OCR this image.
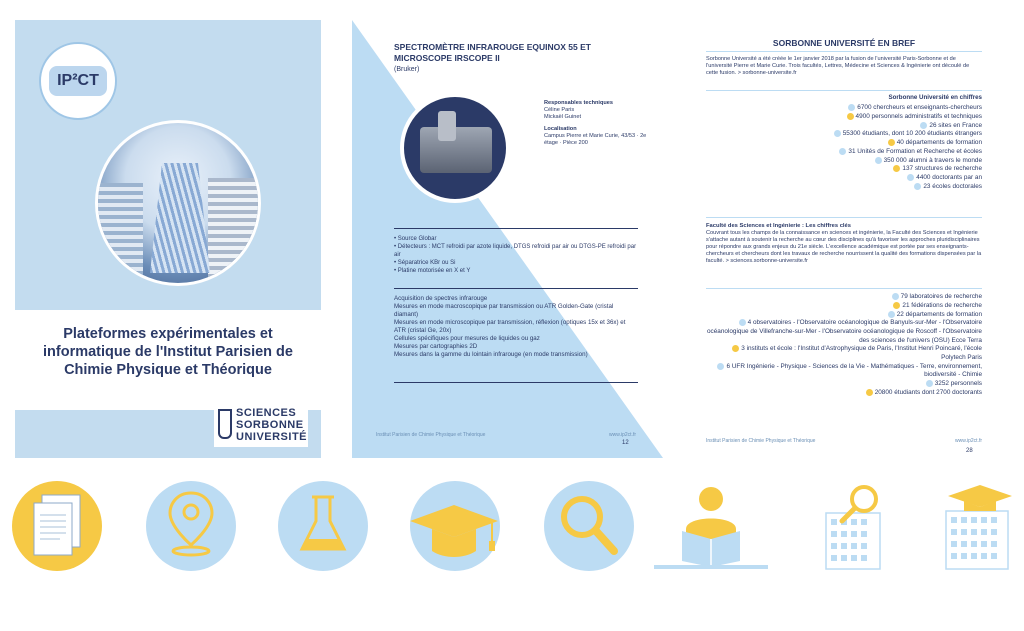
IP²CT
Plateformes expérimentales et informatique de l'Institut Parisien de Chimie Physique et Théorique
SCIENCES
SORBONNE
UNIVERSITÉ
SPECTROMÈTRE INFRAROUGE EQUINOX 55 ET MICROSCOPE IRSCOPE II
(Bruker)
Responsables techniques
Céline Paris
Mickaël Guinet
Localisation
Campus Pierre et Marie Curie, 43/53 · 2e étage · Pièce 200
• Source Globar
• Détecteurs : MCT refroidi par azote liquide, DTGS refroidi par air ou DTGS-PE refroidi par air
• Séparatrice KBr ou Si
• Platine motorisée en X et Y
Acquisition de spectres infrarouge
Mesures en mode macroscopique par transmission ou ATR Golden-Gate (cristal diamant)
Mesures en mode microscopique par transmission, réflexion (optiques 15x et 36x) et ATR (cristal Ge, 20x)
Cellules spécifiques pour mesures de liquides ou gaz
Mesures par cartographies 2D
Mesures dans la gamme du lointain infrarouge (en mode transmission)
Institut Parisien de Chimie Physique et Théorique	www.ip2ct.fr
12
SORBONNE UNIVERSITÉ EN BREF
Sorbonne Université a été créée le 1er janvier 2018 par la fusion de l'université Paris-Sorbonne et de l'université Pierre et Marie Curie. Trois facultés, Lettres, Médecine et Sciences & Ingénierie ont découlé de cette fusion. > sorbonne-universite.fr
Sorbonne Université en chiffres
6700 chercheurs et enseignants-chercheurs
4900 personnels administratifs et techniques
26 sites en France
55300 étudiants, dont 10 200 étudiants étrangers
40 départements de formation
31 Unités de Formation et Recherche et écoles
350 000 alumni à travers le monde
137 structures de recherche
4400 doctorants par an
23 écoles doctorales
Faculté des Sciences et Ingénierie : Les chiffres clés
Couvrant tous les champs de la connaissance en sciences et ingénierie, la Faculté des Sciences et Ingénierie s'attache autant à soutenir la recherche au cœur des disciplines qu'à favoriser les approches pluridisciplinaires pour répondre aux grands enjeux du 21e siècle. L'excellence académique est portée par ses enseignants-chercheurs et chercheurs dont les travaux de recherche nourrissent la qualité des formations dispensées par la faculté. > sciences.sorbonne-universite.fr
79 laboratoires de recherche
21 fédérations de recherche
22 départements de formation
4 observatoires - l'Observatoire océanologique de Banyuls-sur-Mer - l'Observatoire océanologique de Villefranche-sur-Mer - l'Observatoire océanologique de Roscoff - l'Observatoire des sciences de l'univers (OSU) Ecce Terra
3 instituts et école : l'Institut d'Astrophysique de Paris, l'Institut Henri Poincaré, l'école Polytech Paris
6 UFR Ingénierie - Physique - Sciences de la Vie - Mathématiques - Terre, environnement, biodiversité - Chimie
3252 personnels
20800 étudiants dont 2700 doctorants
Institut Parisien de Chimie Physique et Théorique	www.ip2ct.fr
28
